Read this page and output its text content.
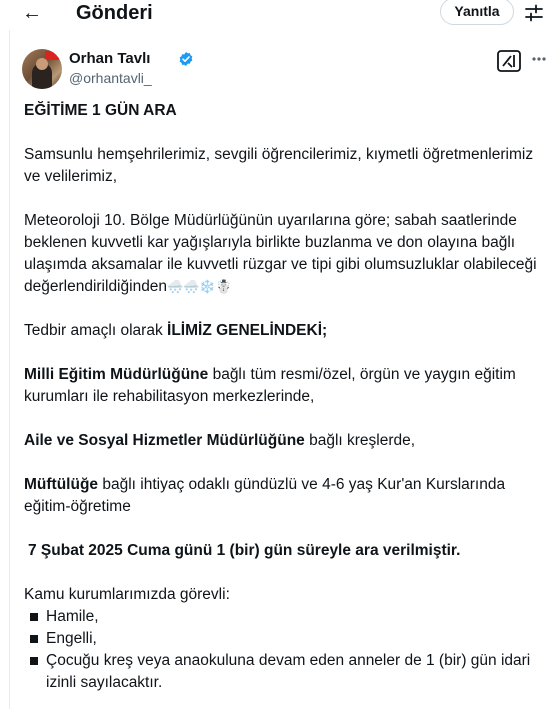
← Gönderi	Yanıtla
Orhan Tavlı
@orhantavli_

EĞİTİME 1 GÜN ARA

Samsunlu hemşehrilerimiz, sevgili öğrencilerimiz, kıymetli öğretmenlerimiz ve velilerimiz,

Meteoroloji 10. Bölge Müdürlüğünün uyarılarına göre; sabah saatlerinde beklenen kuvvetli kar yağışlarıyla birlikte buzlanma ve don olayına bağlı ulaşımda aksamalar ile kuvvetli rüzgar ve tipi gibi olumsuzluklar olabileceği değerlendirildiğinden🌨️🌨️❄️☃️

Tedbir amaçlı olarak İLİMİZ GENELİNDEKİ;

Milli Eğitim Müdürlüğüne bağlı tüm resmi/özel, örgün ve yaygın eğitim kurumları ile rehabilitasyon merkezlerinde,

Aile ve Sosyal Hizmetler Müdürlüğüne bağlı kreşlerde,

Müftülüğe bağlı ihtiyaç odaklı gündüzlü ve 4-6 yaş Kur'an Kurslarında eğitim-öğretime

7 Şubat 2025 Cuma günü 1 (bir) gün süreyle ara verilmiştir.

Kamu kurumlarımızda görevli:

Hamile,
Engelli,
Çocuğu kreş veya anaokuluna devam eden anneler de 1 (bir) gün idari izinli sayılacaktır.
